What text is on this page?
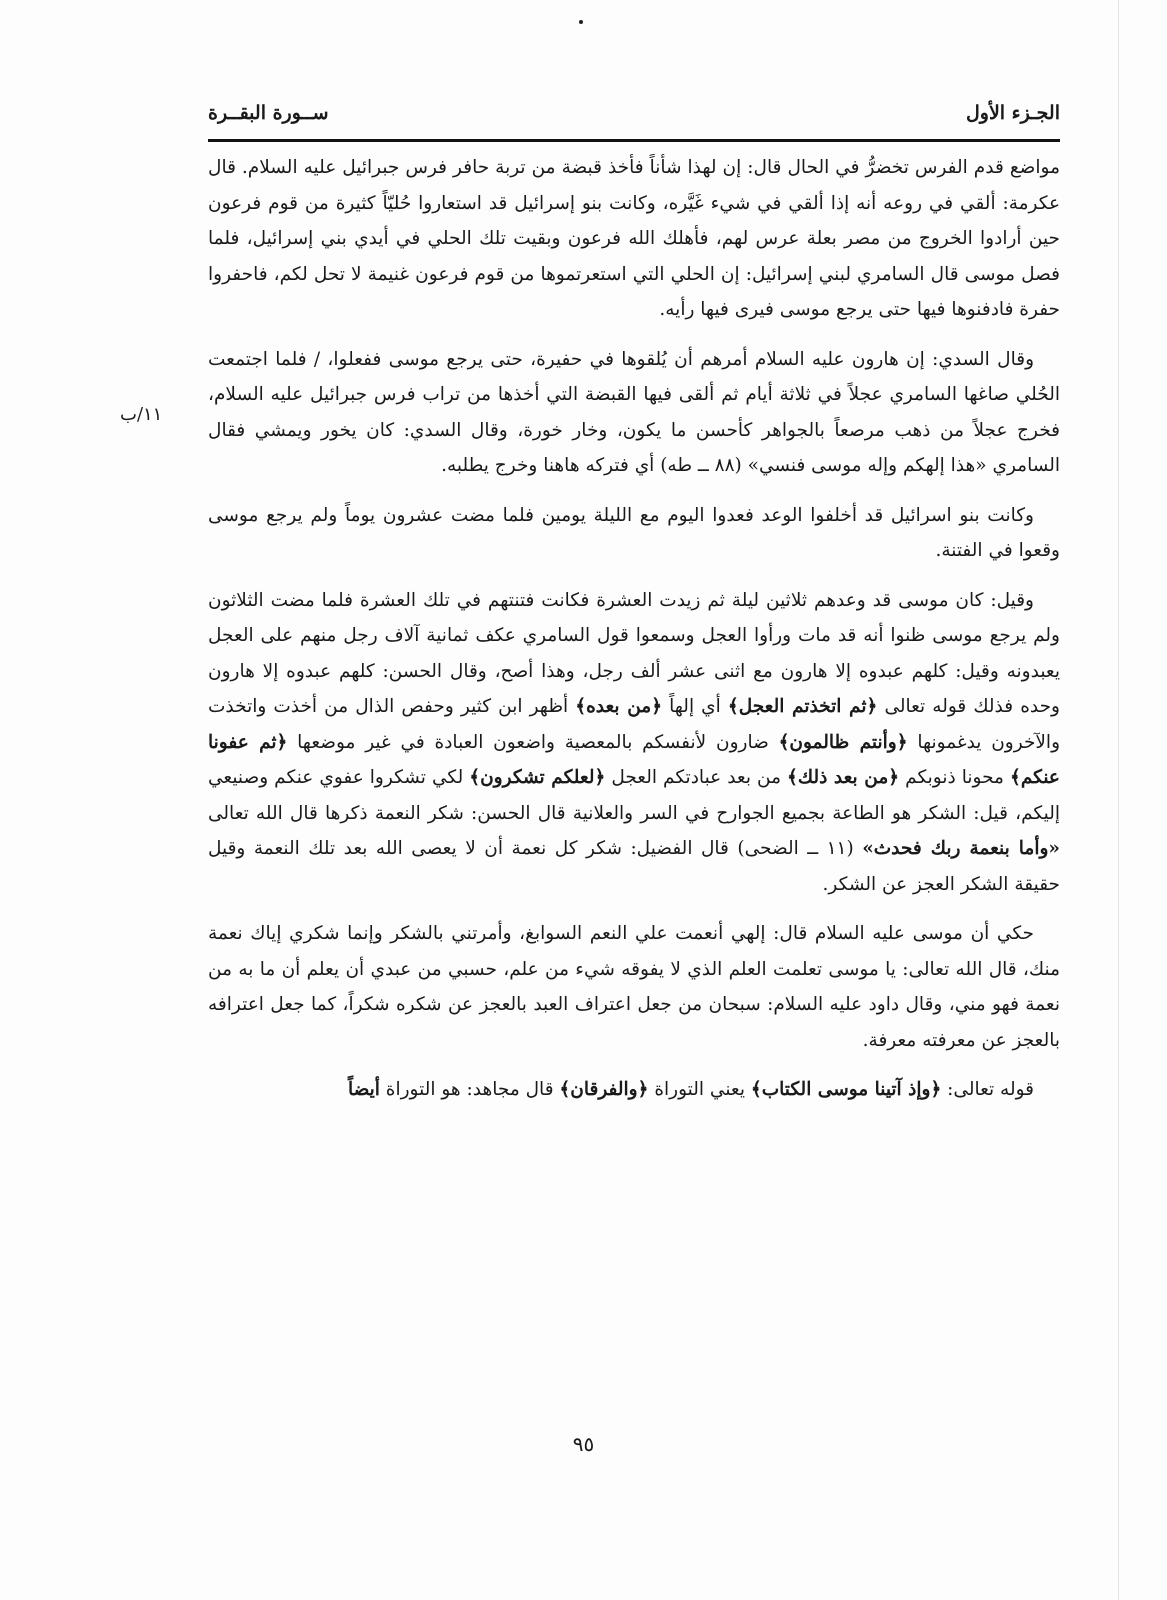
ســورة البقــرة	الجـزء الأول
١١/ب

مواضع قدم الفرس تخضرُّ في الحال قال: إن لهذا شأناً فأخذ قبضة من تربة حافر فرس جبرائيل عليه السلام. قال عكرمة: ألقي في روعه أنه إذا ألقي في شيء غَيَّره، وكانت بنو إسرائيل قد استعاروا حُليّاً كثيرة من قوم فرعون حين أرادوا الخروج من مصر بعلة عرس لهم، فأهلك الله فرعون وبقيت تلك الحلي في أيدي بني إسرائيل، فلما فصل موسى قال السامري لبني إسرائيل: إن الحلي التي استعرتموها من قوم فرعون غنيمة لا تحل لكم، فاحفروا حفرة فادفنوها فيها حتى يرجع موسى فيرى فيها رأيه.

وقال السدي: إن هارون عليه السلام أمرهم أن يُلقوها في حفيرة، حتى يرجع موسى ففعلوا، / فلما اجتمعت الحُلي صاغها السامري عجلاً في ثلاثة أيام ثم ألقى فيها القبضة التي أخذها من تراب فرس جبرائيل عليه السلام، فخرج عجلاً من ذهب مرصعاً بالجواهر كأحسن ما يكون، وخار خورة، وقال السدي: كان يخور ويمشي فقال السامري «هذا إلهكم وإله موسى فنسي» (٨٨ ــ طه) أي فتركه هاهنا وخرج يطلبه.

وكانت بنو اسرائيل قد أخلفوا الوعد فعدوا اليوم مع الليلة يومين فلما مضت عشرون يوماً ولم يرجع موسى وقعوا في الفتنة.

وقيل: كان موسى قد وعدهم ثلاثين ليلة ثم زيدت العشرة فكانت فتنتهم في تلك العشرة فلما مضت الثلاثون ولم يرجع موسى ظنوا أنه قد مات ورأوا العجل وسمعوا قول السامري عكف ثمانية آلاف رجل منهم على العجل يعبدونه وقيل: كلهم عبدوه إلا هارون مع اثنى عشر ألف رجل، وهذا أصح، وقال الحسن: كلهم عبدوه إلا هارون وحده فذلك قوله تعالى ﴿ثم اتخذتم العجل﴾ أي إلهاً ﴿من بعده﴾ أظهر ابن كثير وحفص الذال من أخذت واتخذت والآخرون يدغمونها ﴿وأنتم ظالمون﴾ ضارون لأنفسكم بالمعصية واضعون العبادة في غير موضعها ﴿ثم عفونا عنكم﴾ محونا ذنوبكم ﴿من بعد ذلك﴾ من بعد عبادتكم العجل ﴿لعلكم تشكرون﴾ لكي تشكروا عفوي عنكم وصنيعي إليكم، قيل: الشكر هو الطاعة بجميع الجوارح في السر والعلانية قال الحسن: شكر النعمة ذكرها قال الله تعالى «وأما بنعمة ربك فحدث» (١١ ــ الضحى) قال الفضيل: شكر كل نعمة أن لا يعصى الله بعد تلك النعمة وقيل حقيقة الشكر العجز عن الشكر.

حكي أن موسى عليه السلام قال: إلهي أنعمت علي النعم السوابغ، وأمرتني بالشكر وإنما شكري إياك نعمة منك، قال الله تعالى: يا موسى تعلمت العلم الذي لا يفوقه شيء من علم، حسبي من عبدي أن يعلم أن ما به من نعمة فهو مني، وقال داود عليه السلام: سبحان من جعل اعتراف العبد بالعجز عن شكره شكراً، كما جعل اعترافه بالعجز عن معرفته معرفة.

قوله تعالى: ﴿وإذ آتينا موسى الكتاب﴾ يعني التوراة ﴿والفرقان﴾ قال مجاهد: هو التوراة أيضاً

٩٥
